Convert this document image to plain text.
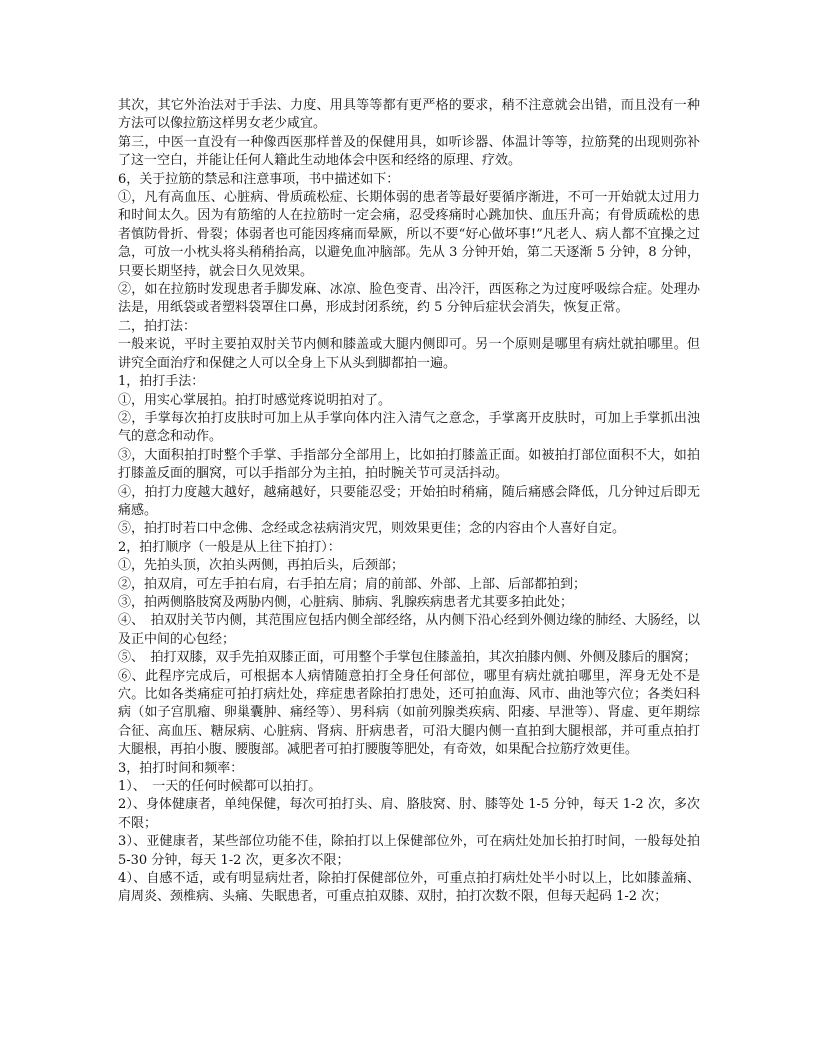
其次，其它外治法对于手法、力度、用具等等都有更严格的要求，稍不注意就会出错，而且没有一种方法可以像拉筋这样男女老少咸宜。

第三，中医一直没有一种像西医那样普及的保健用具，如听诊器、体温计等等，拉筋凳的出现则弥补了这一空白，并能让任何人籍此生动地体会中医和经络的原理、疗效。

6，关于拉筋的禁忌和注意事项，书中描述如下：

①，凡有高血压、心脏病、骨质疏松症、长期体弱的患者等最好要循序渐进，不可一开始就太过用力和时间太久。因为有筋缩的人在拉筋时一定会痛，忍受疼痛时心跳加快、血压升高；有骨质疏松的患者慎防骨折、骨裂；体弱者也可能因疼痛而晕厥，所以不要“好心做坏事!”凡老人、病人都不宜操之过急，可放一小枕头将头稍稍抬高，以避免血冲脑部。先从 3 分钟开始，第二天逐渐 5 分钟，8 分钟，只要长期坚持，就会日久见效果。

②，如在拉筋时发现患者手脚发麻、冰凉、脸色变青、出冷汗，西医称之为过度呼吸综合症。处理办法是，用纸袋或者塑料袋罩住口鼻，形成封闭系统，约 5 分钟后症状会消失，恢复正常。

二，拍打法：

一般来说，平时主要拍双肘关节内侧和膝盖或大腿内侧即可。另一个原则是哪里有病灶就拍哪里。但讲究全面治疗和保健之人可以全身上下从头到脚都拍一遍。

1，拍打手法：

①，用实心掌展拍。拍打时感觉疼说明拍对了。

②，手掌每次拍打皮肤时可加上从手掌向体内注入清气之意念，手掌离开皮肤时，可加上手掌抓出浊气的意念和动作。

③，大面积拍打时整个手掌、手指部分全部用上，比如拍打膝盖正面。如被拍打部位面积不大，如拍打膝盖反面的腘窝，可以手指部分为主拍，拍时腕关节可灵活抖动。

④，拍打力度越大越好，越痛越好，只要能忍受；开始拍时稍痛，随后痛感会降低，几分钟过后即无痛感。

⑤，拍打时若口中念佛、念经或念祛病消灾咒，则效果更佳；念的内容由个人喜好自定。

2，拍打顺序（一般是从上往下拍打）：

①，先拍头顶，次拍头两侧，再拍后头，后颈部；

②，拍双肩，可左手拍右肩，右手拍左肩；肩的前部、外部、上部、后部都拍到；

③，拍两侧胳肢窝及两胁内侧，心脏病、肺病、乳腺疾病患者尤其要多拍此处；

④、　拍双肘关节内侧，其范围应包括内侧全部经络，从内侧下沿心经到外侧边缘的肺经、大肠经，以及正中间的心包经；

⑤、　拍打双膝，双手先拍双膝正面，可用整个手掌包住膝盖拍，其次拍膝内侧、外侧及膝后的腘窝；

⑥、此程序完成后，可根据本人病情随意拍打全身任何部位，哪里有病灶就拍哪里，浑身无处不是穴。比如各类痛症可拍打病灶处，痒症患者除拍打患处，还可拍血海、风市、曲池等穴位；各类妇科病（如子宫肌瘤、卵巢囊肿、痛经等）、男科病（如前列腺类疾病、阳痿、早泄等）、肾虚、更年期综合征、高血压、糖尿病、心脏病、肾病、肝病患者，可沿大腿内侧一直拍到大腿根部，并可重点拍打大腿根，再拍小腹、腰腹部。减肥者可拍打腰腹等肥处，有奇效，如果配合拉筋疗效更佳。

3，拍打时间和频率：

1）、　一天的任何时候都可以拍打。

2）、身体健康者，单纯保健，每次可拍打头、肩、胳肢窝、肘、膝等处 1-5 分钟，每天 1-2 次，多次不限；

3）、亚健康者，某些部位功能不佳，除拍打以上保健部位外，可在病灶处加长拍打时间，一般每处拍 5-30 分钟，每天 1-2 次，更多次不限；

4）、自感不适，或有明显病灶者，除拍打保健部位外，可重点拍打病灶处半小时以上，比如膝盖痛、肩周炎、颈椎病、头痛、失眠患者，可重点拍双膝、双肘，拍打次数不限，但每天起码 1-2 次；
